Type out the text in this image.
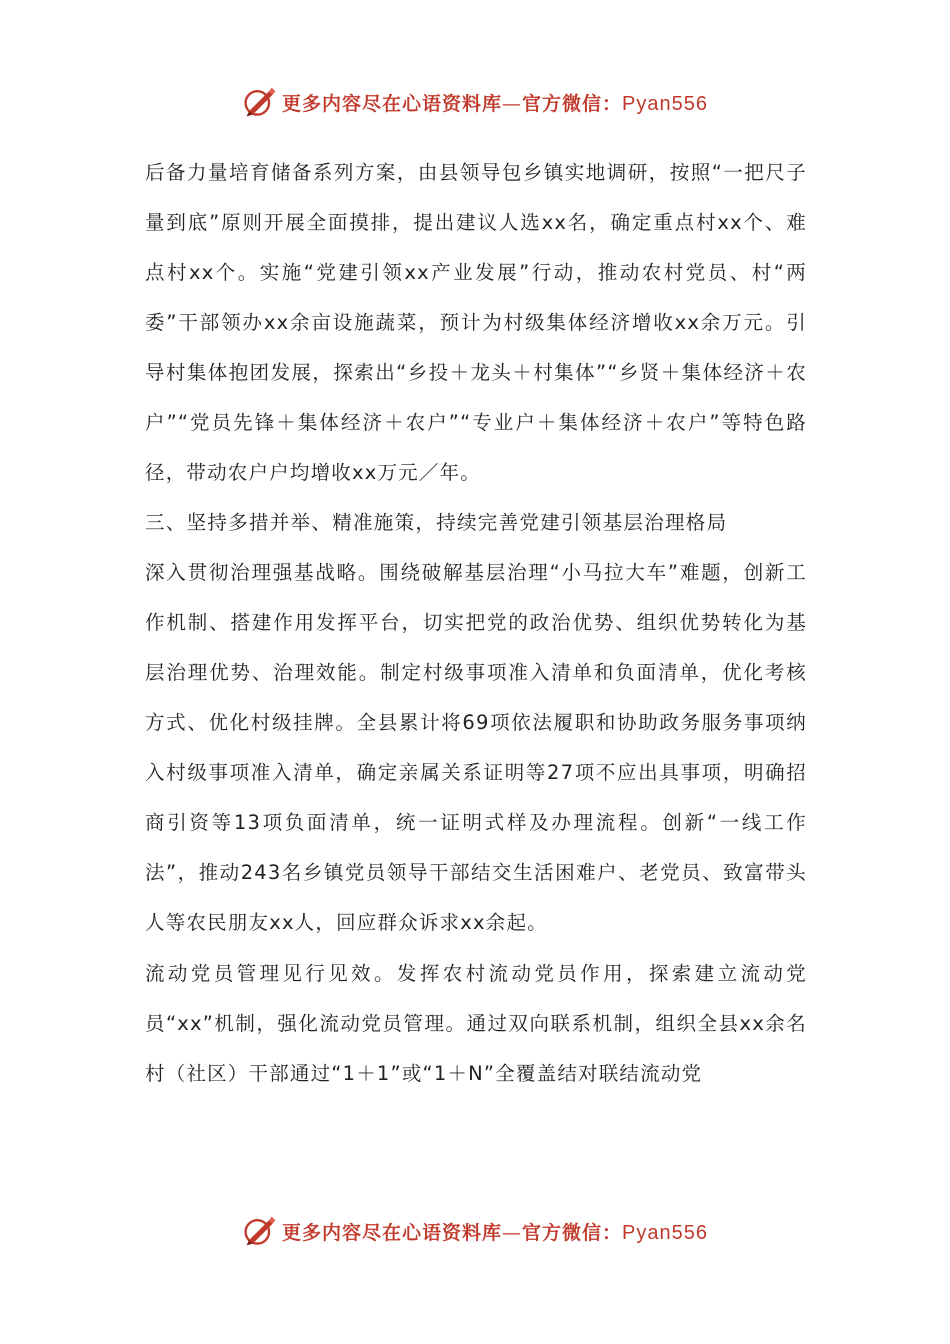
更多内容尽在心语资料库—官方微信：Pyan556

后备力量培育储备系列方案，由县领导包乡镇实地调研，按照“一把尺子量到底”原则开展全面摸排，提出建议人选xx名，确定重点村xx个、难点村xx个。实施“党建引领xx产业发展”行动，推动农村党员、村“两委”干部领办xx余亩设施蔬菜，预计为村级集体经济增收xx余万元。引导村集体抱团发展，探索出“乡投＋龙头＋村集体”“乡贤＋集体经济＋农户”“党员先锋＋集体经济＋农户”“专业户＋集体经济＋农户”等特色路径，带动农户户均增收xx万元／年。

三、坚持多措并举、精准施策，持续完善党建引领基层治理格局

深入贯彻治理强基战略。围绕破解基层治理“小马拉大车”难题，创新工作机制、搭建作用发挥平台，切实把党的政治优势、组织优势转化为基层治理优势、治理效能。制定村级事项准入清单和负面清单，优化考核方式、优化村级挂牌。全县累计将69项依法履职和协助政务服务事项纳入村级事项准入清单，确定亲属关系证明等27项不应出具事项，明确招商引资等13项负面清单，统一证明式样及办理流程。创新“一线工作法”，推动243名乡镇党员领导干部结交生活困难户、老党员、致富带头人等农民朋友xx人，回应群众诉求xx余起。

流动党员管理见行见效。发挥农村流动党员作用，探索建立流动党员“xx”机制，强化流动党员管理。通过双向联系机制，组织全县xx余名村（社区）干部通过“1＋1”或“1＋N”全覆盖结对联结流动党

更多内容尽在心语资料库—官方微信：Pyan556
